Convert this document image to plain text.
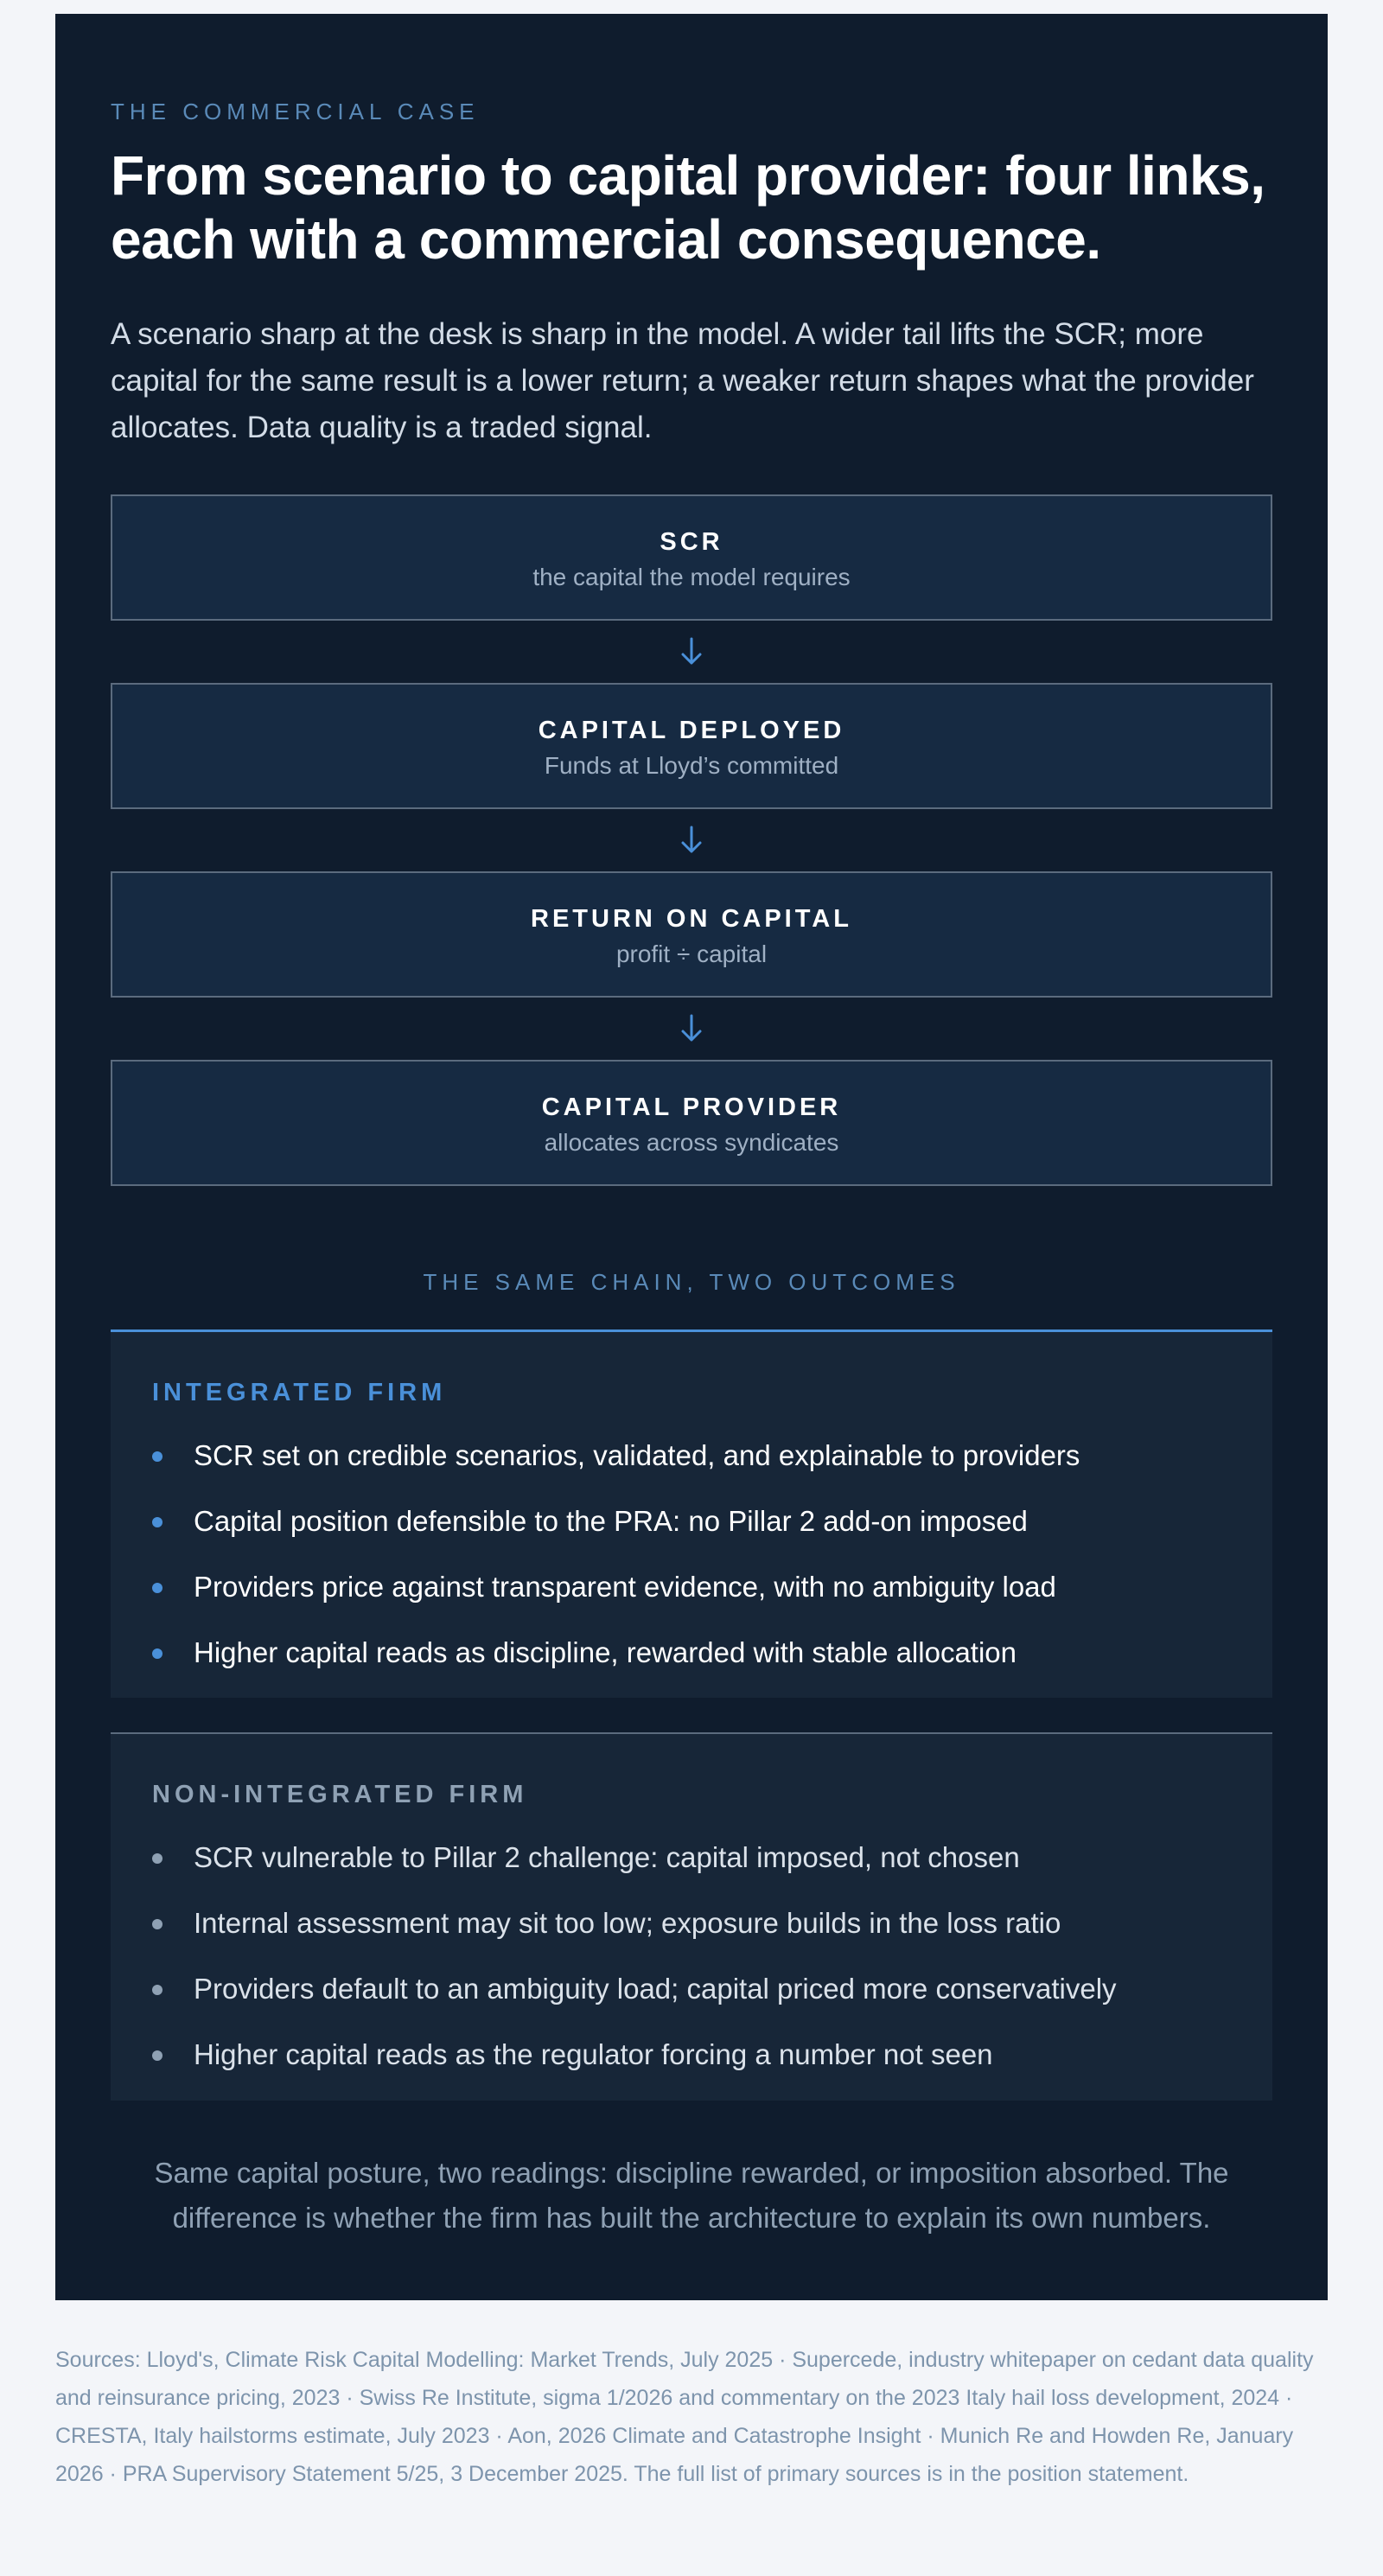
THE COMMERCIAL CASE
From scenario to capital provider: four links, each with a commercial consequence.

A scenario sharp at the desk is sharp in the model. A wider tail lifts the SCR; more capital for the same result is a lower return; a weaker return shapes what the provider allocates. Data quality is a traded signal.

SCR
the capital the model requires
CAPITAL DEPLOYED
Funds at Lloyd’s committed
RETURN ON CAPITAL
profit ÷ capital
CAPITAL PROVIDER
allocates across syndicates
THE SAME CHAIN, TWO OUTCOMES
INTEGRATED FIRM
SCR set on credible scenarios, validated, and explainable to providers
Capital position defensible to the PRA: no Pillar 2 add-on imposed
Providers price against transparent evidence, with no ambiguity load
Higher capital reads as discipline, rewarded with stable allocation
NON-INTEGRATED FIRM
SCR vulnerable to Pillar 2 challenge: capital imposed, not chosen
Internal assessment may sit too low; exposure builds in the loss ratio
Providers default to an ambiguity load; capital priced more conservatively
Higher capital reads as the regulator forcing a number not seen

Same capital posture, two readings: discipline rewarded, or imposition absorbed. The difference is whether the firm has built the architecture to explain its own numbers.

Sources: Lloyd's, Climate Risk Capital Modelling: Market Trends, July 2025 · Supercede, industry whitepaper on cedant data quality and reinsurance pricing, 2023 · Swiss Re Institute, sigma 1/2026 and commentary on the 2023 Italy hail loss development, 2024 · CRESTA, Italy hailstorms estimate, July 2023 · Aon, 2026 Climate and Catastrophe Insight · Munich Re and Howden Re, January 2026 · PRA Supervisory Statement 5/25, 3 December 2025. The full list of primary sources is in the position statement.
